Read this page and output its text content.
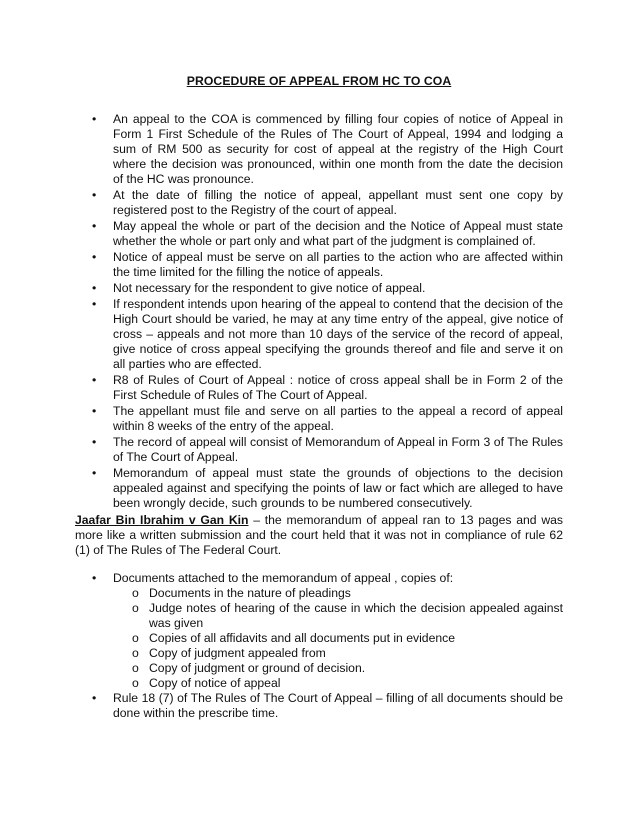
PROCEDURE OF APPEAL FROM HC TO COA
• An appeal to the COA is commenced by filling four copies of notice of Appeal in Form 1 First Schedule of the Rules of The Court of Appeal, 1994 and lodging a sum of RM 500 as security for cost of appeal at the registry of the High Court where the decision was pronounced, within one month from the date the decision of the HC was pronounce.
• At the date of filling the notice of appeal, appellant must sent one copy by registered post to the Registry of the court of appeal.
• May appeal the whole or part of the decision and the Notice of Appeal must state whether the whole or part only and what part of the judgment is complained of.
• Notice of appeal must be serve on all parties to the action who are affected within the time limited for the filling the notice of appeals.
• Not necessary for the respondent to give notice of appeal.
• If respondent intends upon hearing of the appeal to contend that the decision of the High Court should be varied, he may at any time entry of the appeal, give notice of cross – appeals and not more than 10 days of the service of the record of appeal, give notice of cross appeal specifying the grounds thereof and file and serve it on all parties who are effected.
• R8 of Rules of Court of Appeal : notice of cross appeal shall be in Form 2 of the First Schedule of Rules of The Court of Appeal.
• The appellant must file and serve on all parties to the appeal a record of appeal within 8 weeks of the entry of the appeal.
• The record of appeal will consist of Memorandum of Appeal in Form 3 of The Rules of The Court of Appeal.
• Memorandum of appeal must state the grounds of objections to the decision appealed against and specifying the points of law or fact which are alleged to have been wrongly decide, such grounds to be numbered consecutively.
Jaafar Bin Ibrahim v Gan Kin – the memorandum of appeal ran to 13 pages and was more like a written submission and the court held that it was not in compliance of rule 62 (1) of The Rules of The Federal Court.
• Documents attached to the memorandum of appeal , copies of:
o Documents in the nature of pleadings
o Judge notes of hearing of the cause in which the decision appealed against was given
o Copies of all affidavits and all documents put in evidence
o Copy of judgment appealed from
o Copy of judgment or ground of decision.
o Copy of notice of appeal
• Rule 18 (7) of The Rules of The Court of Appeal – filling of all documents should be done within the prescribe time.
